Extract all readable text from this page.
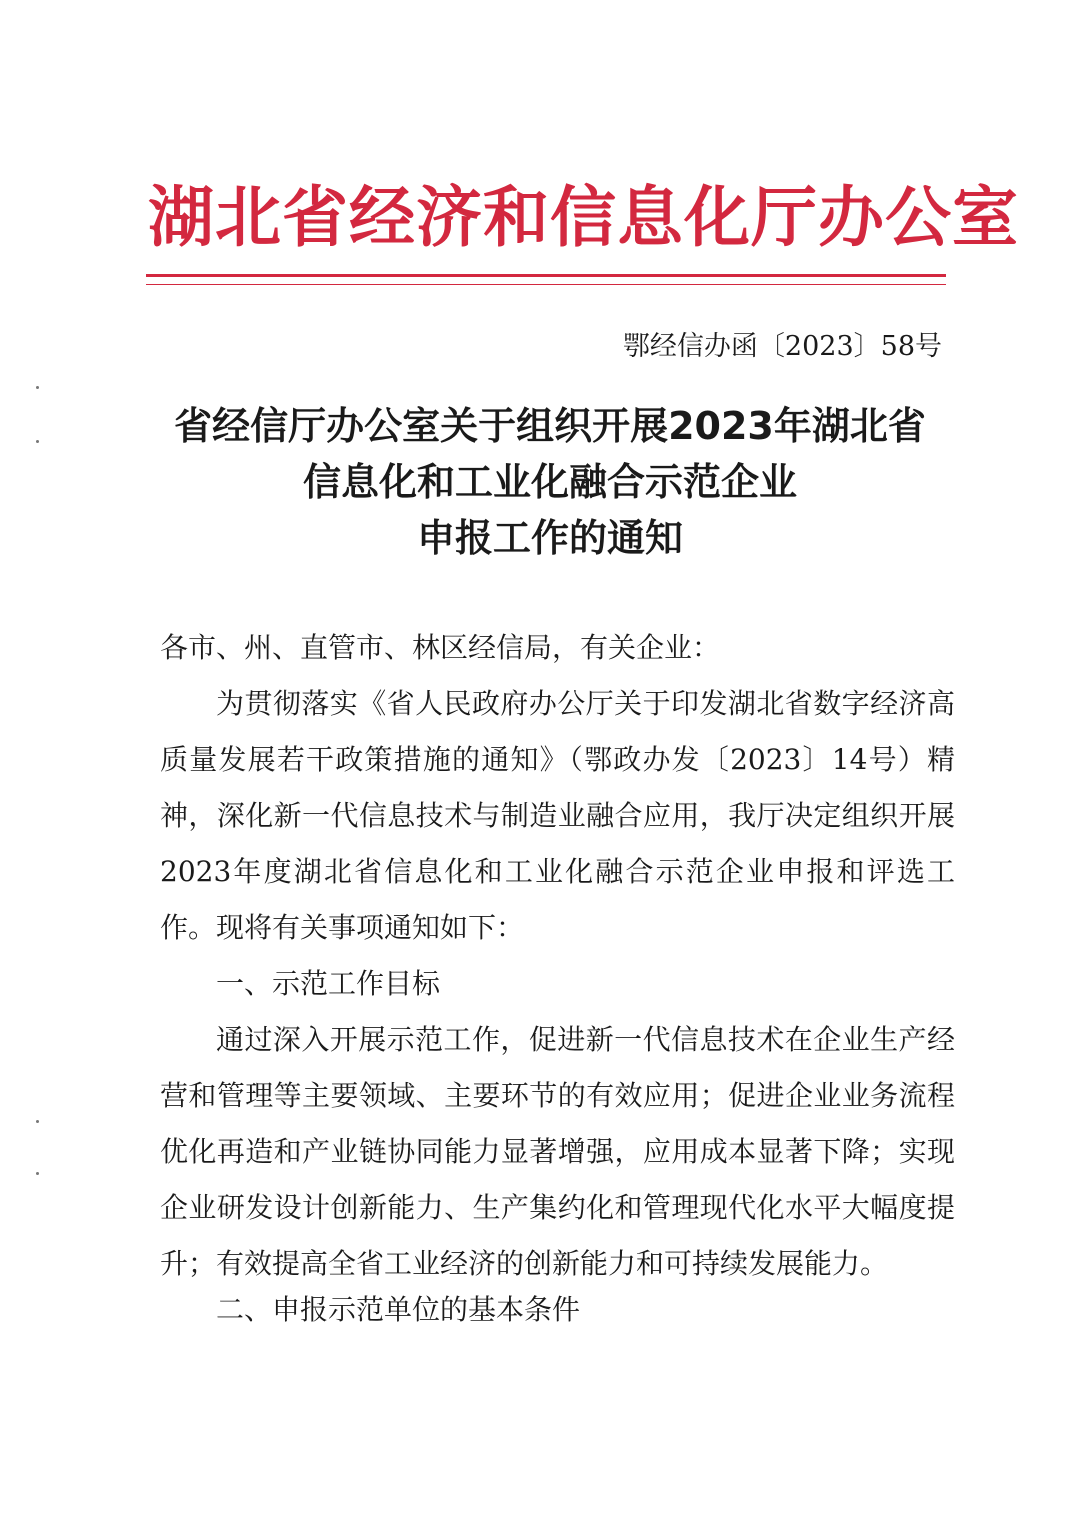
湖北省经济和信息化厅办公室
鄂经信办函〔2023〕58号
省经信厅办公室关于组织开展2023年湖北省
信息化和工业化融合示范企业
申报工作的通知
各市、州、直管市、林区经信局，有关企业：

为贯彻落实《省人民政府办公厅关于印发湖北省数字经济高质量发展若干政策措施的通知》（鄂政办发〔2023〕14号）精神，深化新一代信息技术与制造业融合应用，我厅决定组织开展2023年度湖北省信息化和工业化融合示范企业申报和评选工作。现将有关事项通知如下：

一、示范工作目标

通过深入开展示范工作，促进新一代信息技术在企业生产经营和管理等主要领域、主要环节的有效应用；促进企业业务流程优化再造和产业链协同能力显著增强，应用成本显著下降；实现企业研发设计创新能力、生产集约化和管理现代化水平大幅度提升；有效提高全省工业经济的创新能力和可持续发展能力。

二、申报示范单位的基本条件
